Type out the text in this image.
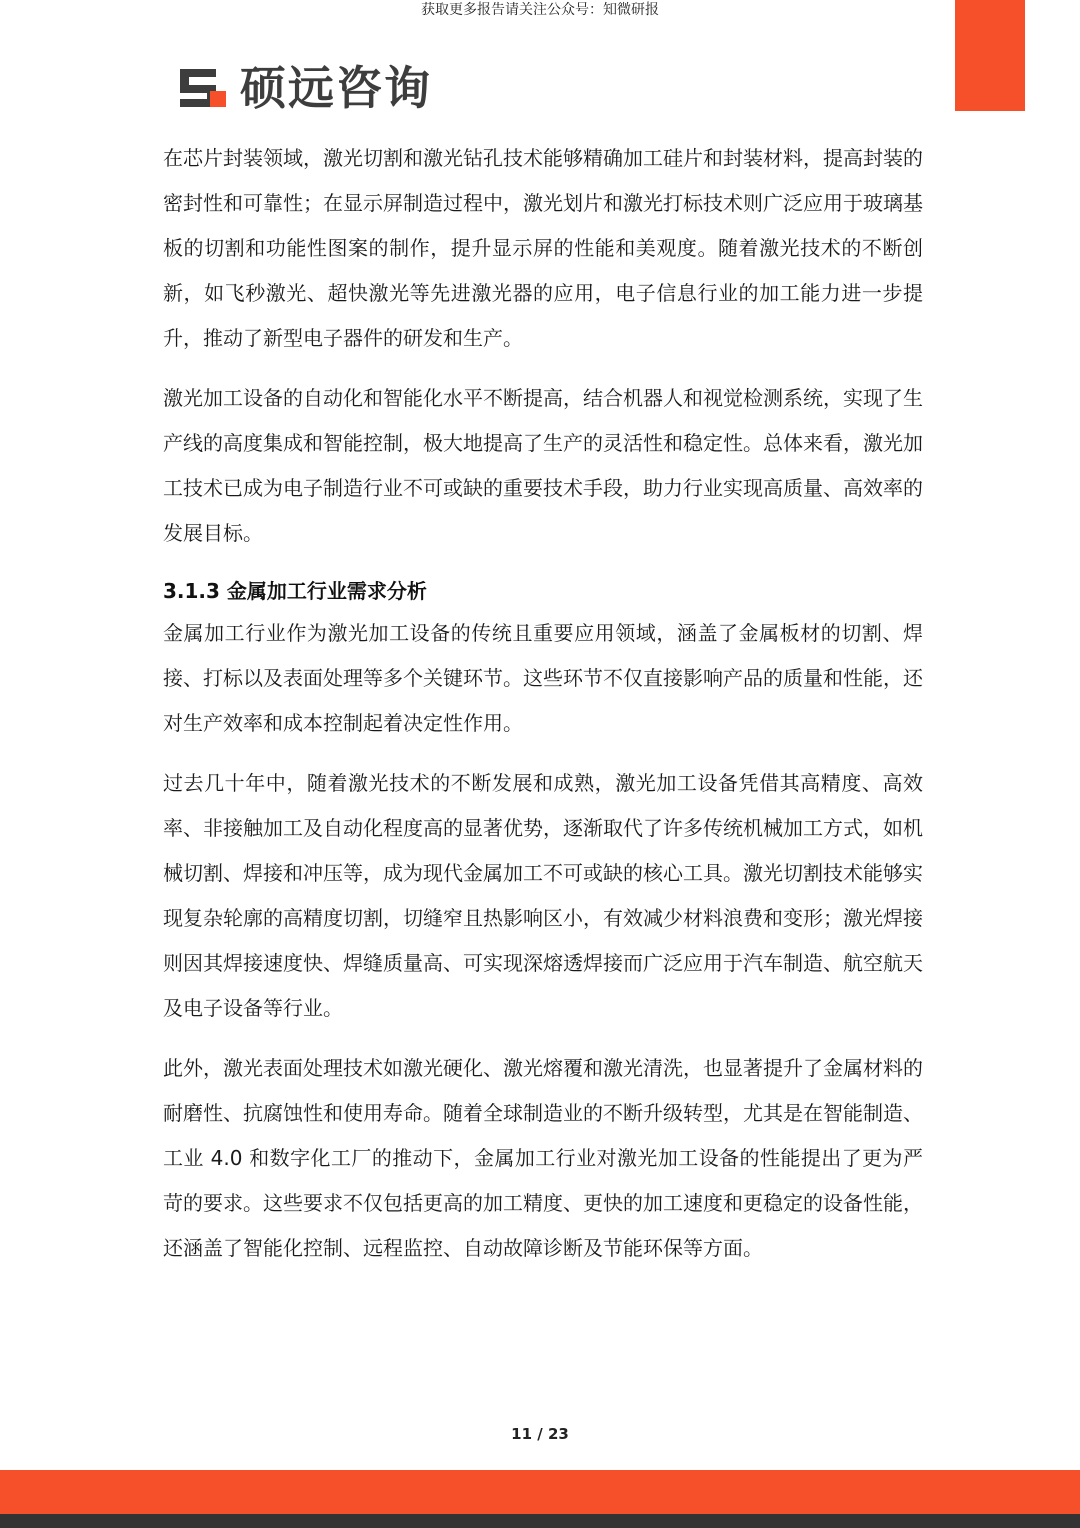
获取更多报告请关注公众号：知微研报
硕远咨询

在芯片封装领域，激光切割和激光钻孔技术能够精确加工硅片和封装材料，提高封装的密封性和可靠性；在显示屏制造过程中，激光划片和激光打标技术则广泛应用于玻璃基板的切割和功能性图案的制作，提升显示屏的性能和美观度。随着激光技术的不断创新，如飞秒激光、超快激光等先进激光器的应用，电子信息行业的加工能力进一步提升，推动了新型电子器件的研发和生产。

激光加工设备的自动化和智能化水平不断提高，结合机器人和视觉检测系统，实现了生产线的高度集成和智能控制，极大地提高了生产的灵活性和稳定性。总体来看，激光加工技术已成为电子制造行业不可或缺的重要技术手段，助力行业实现高质量、高效率的发展目标。

3.1.3 金属加工行业需求分析

金属加工行业作为激光加工设备的传统且重要应用领域，涵盖了金属板材的切割、焊接、打标以及表面处理等多个关键环节。这些环节不仅直接影响产品的质量和性能，还对生产效率和成本控制起着决定性作用。

过去几十年中，随着激光技术的不断发展和成熟，激光加工设备凭借其高精度、高效率、非接触加工及自动化程度高的显著优势，逐渐取代了许多传统机械加工方式，如机械切割、焊接和冲压等，成为现代金属加工不可或缺的核心工具。激光切割技术能够实现复杂轮廓的高精度切割，切缝窄且热影响区小，有效减少材料浪费和变形；激光焊接则因其焊接速度快、焊缝质量高、可实现深熔透焊接而广泛应用于汽车制造、航空航天及电子设备等行业。

此外，激光表面处理技术如激光硬化、激光熔覆和激光清洗，也显著提升了金属材料的耐磨性、抗腐蚀性和使用寿命。随着全球制造业的不断升级转型，尤其是在智能制造、工业 4.0 和数字化工厂的推动下，金属加工行业对激光加工设备的性能提出了更为严苛的要求。这些要求不仅包括更高的加工精度、更快的加工速度和更稳定的设备性能，还涵盖了智能化控制、远程监控、自动故障诊断及节能环保等方面。

11 / 23
